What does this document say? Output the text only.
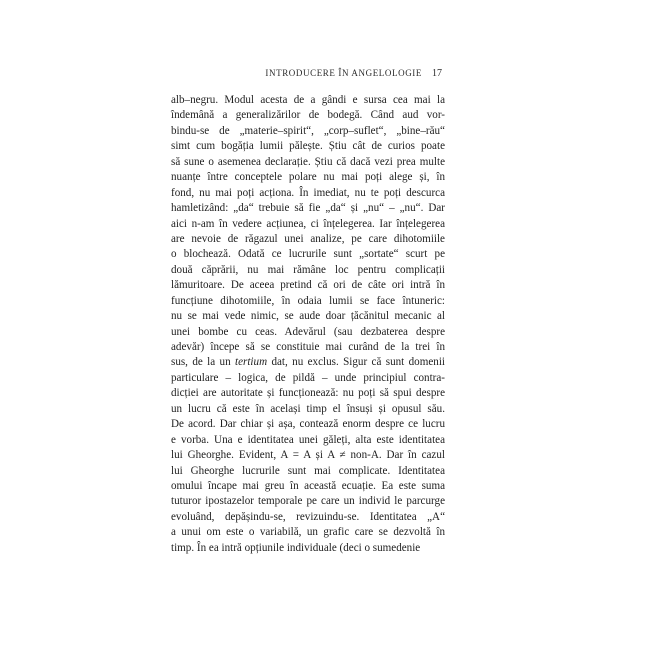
INTRODUCERE ÎN ANGELOLOGIE 17
alb–negru. Modul acesta de a gândi e sursa cea mai la
îndemână a generalizărilor de bodegă. Când aud vor-
bindu-se de „materie–spirit“, „corp–suflet“, „bine–rău“
simt cum bogăția lumii pălește. Știu cât de curios poate
să sune o asemenea declarație. Știu că dacă vezi prea multe
nuanțe între conceptele polare nu mai poți alege și, în
fond, nu mai poți acționa. În imediat, nu te poți descurca
hamletizând: „da“ trebuie să fie „da“ și „nu“ – „nu“. Dar
aici n-am în vedere acțiunea, ci înțelegerea. Iar înțelegerea
are nevoie de răgazul unei analize, pe care dihotomiile
o blochează. Odată ce lucrurile sunt „sortate“ scurt pe
două căprării, nu mai rămâne loc pentru complicații
lămuritoare. De aceea pretind că ori de câte ori intră în
funcțiune dihotomiile, în odaia lumii se face întuneric:
nu se mai vede nimic, se aude doar țăcănitul mecanic al
unei bombe cu ceas. Adevărul (sau dezbaterea despre
adevăr) începe să se constituie mai curând de la trei în
sus, de la un tertium dat, nu exclus. Sigur că sunt domenii
particulare – logica, de pildă – unde principiul contra-
dicției are autoritate și funcționează: nu poți să spui despre
un lucru că este în același timp el însuși și opusul său.
De acord. Dar chiar și așa, contează enorm despre ce lucru
e vorba. Una e identitatea unei gălеți, alta este identitatea
lui Gheorghe. Evident, A = A și A ≠ non-A. Dar în cazul
lui Gheorghe lucrurile sunt mai complicate. Identitatea
omului încape mai greu în această ecuație. Ea este suma
tuturor ipostazelor temporale pe care un individ le parcurge
evoluând, depășindu-se, revizuindu-se. Identitatea „A“
a unui om este o variabilă, un grafic care se dezvoltă în
timp. În ea intră opțiunile individuale (deci o sumedenie
